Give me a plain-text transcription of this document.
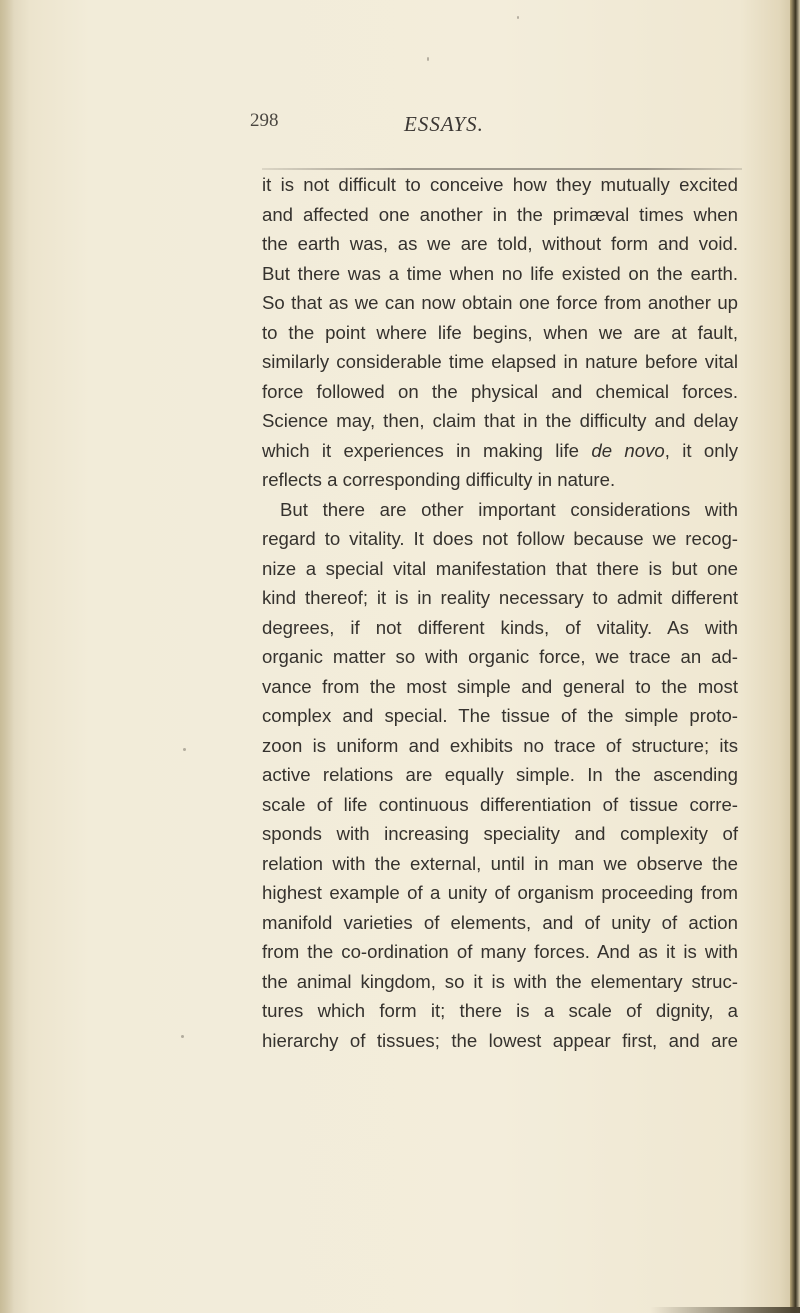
298	ESSAYS.
it is not difficult to conceive how they mutually excited
and affected one another in the primæval times when
the earth was, as we are told, without form and void.
But there was a time when no life existed on the earth.
So that as we can now obtain one force from another up
to the point where life begins, when we are at fault,
similarly considerable time elapsed in nature before vital
force followed on the physical and chemical forces.
Science may, then, claim that in the difficulty and delay
which it experiences in making life de novo, it only
reflects a corresponding difficulty in nature.
But there are other important considerations with
regard to vitality. It does not follow because we recog-
nize a special vital manifestation that there is but one
kind thereof; it is in reality necessary to admit different
degrees, if not different kinds, of vitality. As with
organic matter so with organic force, we trace an ad-
vance from the most simple and general to the most
complex and special. The tissue of the simple proto-
zoon is uniform and exhibits no trace of structure; its
active relations are equally simple. In the ascending
scale of life continuous differentiation of tissue corre-
sponds with increasing speciality and complexity of
relation with the external, until in man we observe the
highest example of a unity of organism proceeding from
manifold varieties of elements, and of unity of action
from the co-ordination of many forces. And as it is with
the animal kingdom, so it is with the elementary struc-
tures which form it; there is a scale of dignity, a
hierarchy of tissues; the lowest appear first, and are
